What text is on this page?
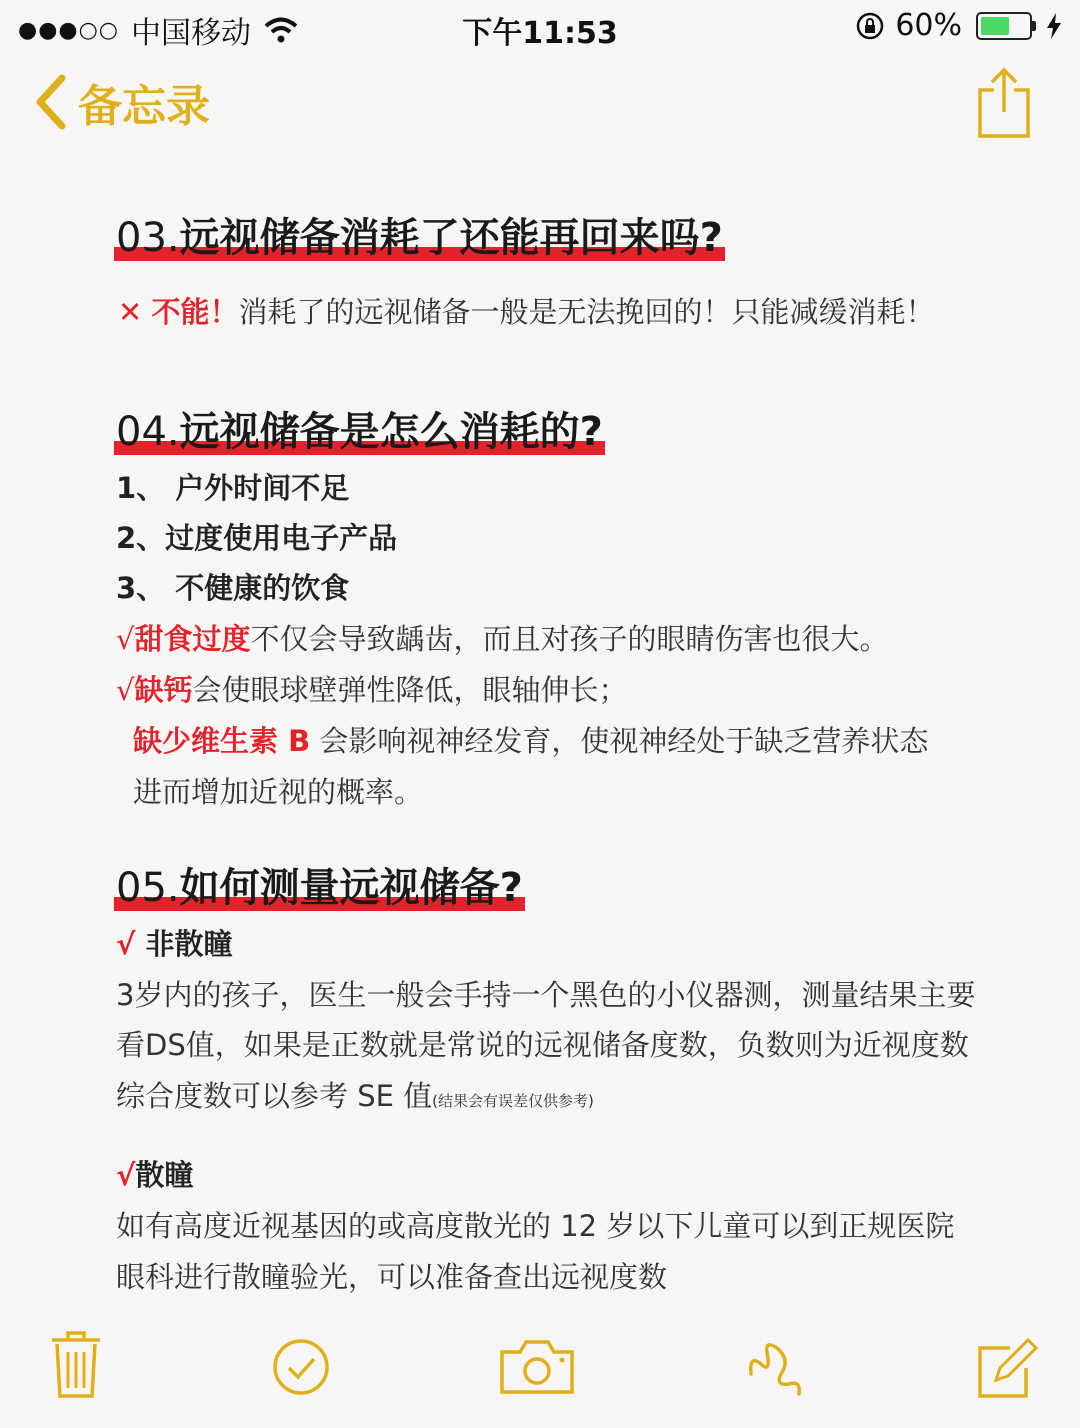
●●●○○ 中国移动	下午11:53	60%
备忘录
03.远视储备消耗了还能再回来吗?
✕ 不能！消耗了的远视储备一般是无法挽回的！只能减缓消耗！
04.远视储备是怎么消耗的?
1、 户外时间不足
2、过度使用电子产品
3、 不健康的饮食
√甜食过度不仅会导致龋齿，而且对孩子的眼睛伤害也很大。
√缺钙会使眼球壁弹性降低，眼轴伸长；
缺少维生素 B 会影响视神经发育，使视神经处于缺乏营养状态
进而增加近视的概率。
05.如何测量远视储备?
√ 非散瞳
3岁内的孩子，医生一般会手持一个黑色的小仪器测，测量结果主要
看DS值，如果是正数就是常说的远视储备度数，负数则为近视度数
综合度数可以参考 SE 值(结果会有误差仅供参考)
√散瞳
如有高度近视基因的或高度散光的 12 岁以下儿童可以到正规医院
眼科进行散瞳验光，可以准备查出远视度数
